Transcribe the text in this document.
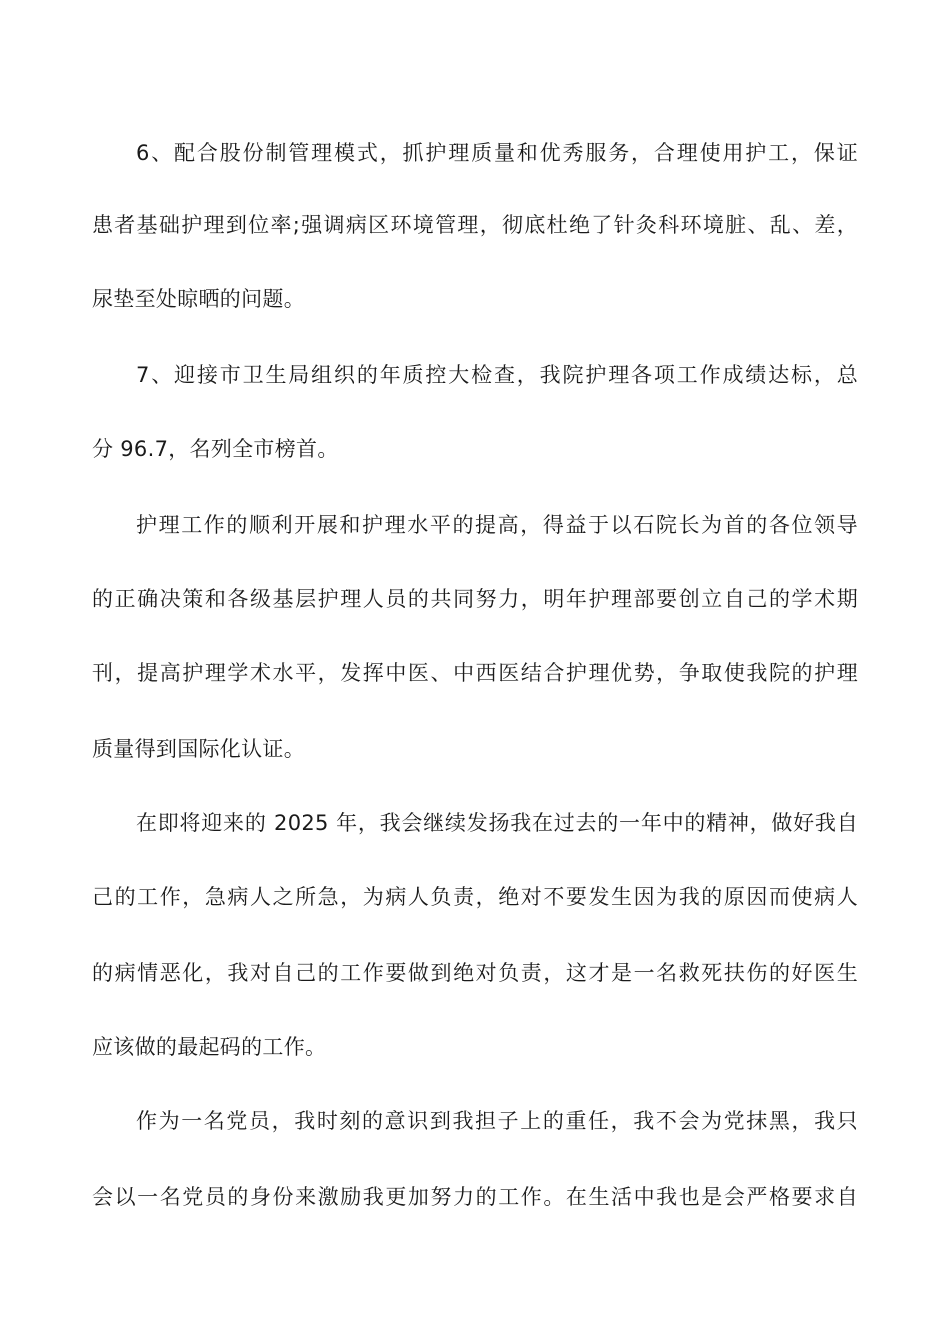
6、配合股份制管理模式，抓护理质量和优秀服务，合理使用护工，保证
患者基础护理到位率;强调病区环境管理，彻底杜绝了针灸科环境脏、乱、差，
尿垫至处晾晒的问题。
7、迎接市卫生局组织的年质控大检查，我院护理各项工作成绩达标，总
分 96.7，名列全市榜首。
护理工作的顺利开展和护理水平的提高，得益于以石院长为首的各位领导
的正确决策和各级基层护理人员的共同努力，明年护理部要创立自己的学术期
刊，提高护理学术水平，发挥中医、中西医结合护理优势，争取使我院的护理
质量得到国际化认证。
在即将迎来的 2025 年，我会继续发扬我在过去的一年中的精神，做好我自
己的工作，急病人之所急，为病人负责，绝对不要发生因为我的原因而使病人
的病情恶化，我对自己的工作要做到绝对负责，这才是一名救死扶伤的好医生
应该做的最起码的工作。
作为一名党员，我时刻的意识到我担子上的重任，我不会为党抹黑，我只
会以一名党员的身份来激励我更加努力的工作。在生活中我也是会严格要求自
